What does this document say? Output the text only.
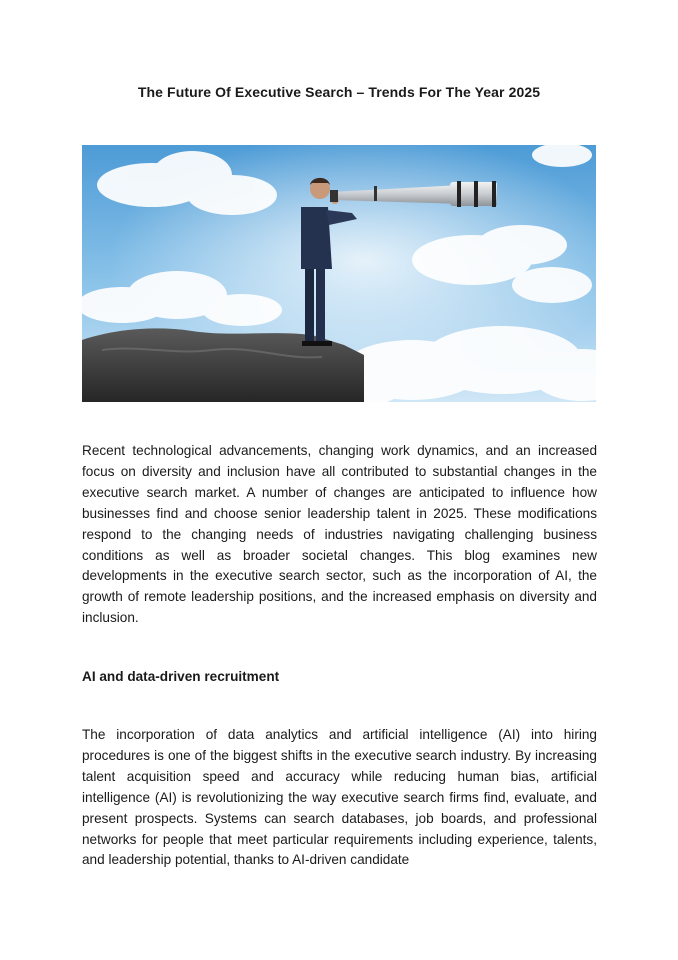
The Future Of Executive Search – Trends For The Year 2025

Recent technological advancements, changing work dynamics, and an increased focus on diversity and inclusion have all contributed to substantial changes in the executive search market. A number of changes are anticipated to influence how businesses find and choose senior leadership talent in 2025. These modifications respond to the changing needs of industries navigating challenging business conditions as well as broader societal changes. This blog examines new developments in the executive search sector, such as the incorporation of AI, the growth of remote leadership positions, and the increased emphasis on diversity and inclusion.

AI and data-driven recruitment

The incorporation of data analytics and artificial intelligence (AI) into hiring procedures is one of the biggest shifts in the executive search industry. By increasing talent acquisition speed and accuracy while reducing human bias, artificial intelligence (AI) is revolutionizing the way executive search firms find, evaluate, and present prospects. Systems can search databases, job boards, and professional networks for people that meet particular requirements including experience, talents, and leadership potential, thanks to AI-driven candidate
